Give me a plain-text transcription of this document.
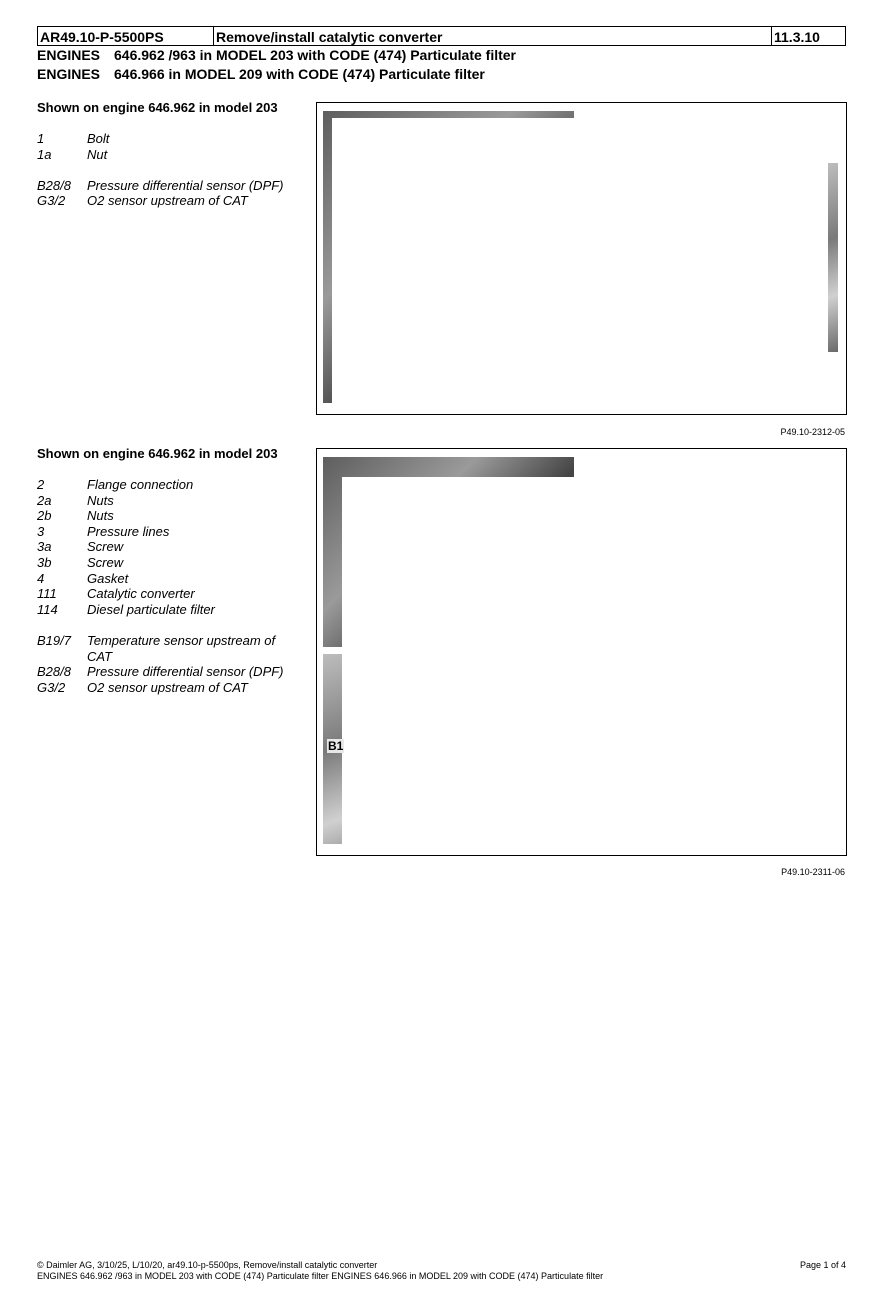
AR49.10-P-5500PS	Remove/install catalytic converter	11.3.10
ENGINES 646.962 /963 in MODEL 203 with CODE (474) Particulate filter
ENGINES 646.966 in MODEL 209 with CODE (474) Particulate filter
Shown on engine 646.962 in model 203
1	Bolt
1a	Nut
B28/8	Pressure differential sensor (DPF)
G3/2	O2 sensor upstream of CAT
P49.10-2312-05
Shown on engine 646.962 in model 203
2	Flange connection
2a	Nuts
2b	Nuts
3	Pressure lines
3a	Screw
3b	Screw
4	Gasket
111	Catalytic converter
114	Diesel particulate filter
B19/7	Temperature sensor upstream of CAT
B28/8	Pressure differential sensor (DPF)
G3/2	O2 sensor upstream of CAT
B1
P49.10-2311-06
© Daimler AG, 3/10/25, L/10/20, ar49.10-p-5500ps, Remove/install catalytic converter
ENGINES 646.962 /963 in MODEL 203 with CODE (474) Particulate filter ENGINES 646.966 in MODEL 209 with CODE (474) Particulate filter
Page 1 of 4
